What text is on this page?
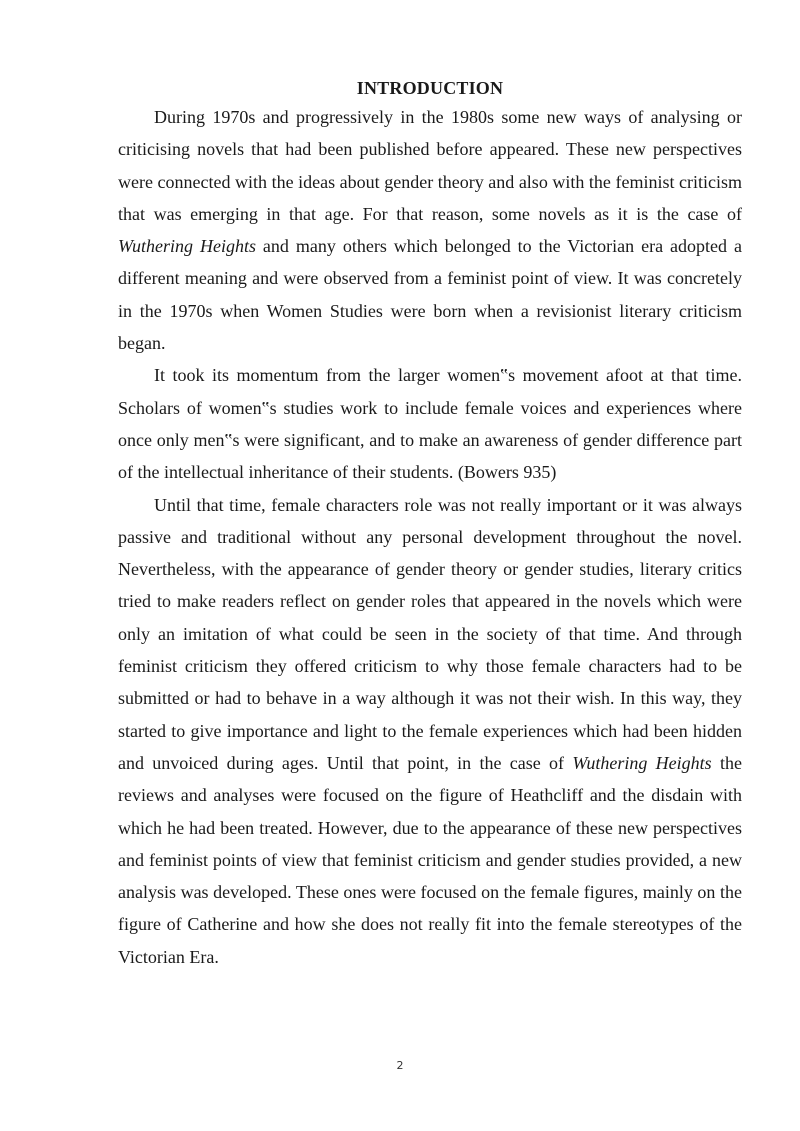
INTRODUCTION

During 1970s and progressively in the 1980s some new ways of analysing or criticising novels that had been published before appeared. These new perspectives were connected with the ideas about gender theory and also with the feminist criticism that was emerging in that age. For that reason, some novels as it is the case of Wuthering Heights and many others which belonged to the Victorian era adopted a different meaning and were observed from a feminist point of view. It was concretely in the 1970s when Women Studies were born when a revisionist literary criticism began.

It took its momentum from the larger women‟s movement afoot at that time. Scholars of women‟s studies work to include female voices and experiences where once only men‟s were significant, and to make an awareness of gender difference part of the intellectual inheritance of their students. (Bowers 935)

Until that time, female characters role was not really important or it was always passive and traditional without any personal development throughout the novel. Nevertheless, with the appearance of gender theory or gender studies, literary critics tried to make readers reflect on gender roles that appeared in the novels which were only an imitation of what could be seen in the society of that time. And through feminist criticism they offered criticism to why those female characters had to be submitted or had to behave in a way although it was not their wish. In this way, they started to give importance and light to the female experiences which had been hidden and unvoiced during ages. Until that point, in the case of Wuthering Heights the reviews and analyses were focused on the figure of Heathcliff and the disdain with which he had been treated. However, due to the appearance of these new perspectives and feminist points of view that feminist criticism and gender studies provided, a new analysis was developed. These ones were focused on the female figures, mainly on the figure of Catherine and how she does not really fit into the female stereotypes of the Victorian Era.

2
